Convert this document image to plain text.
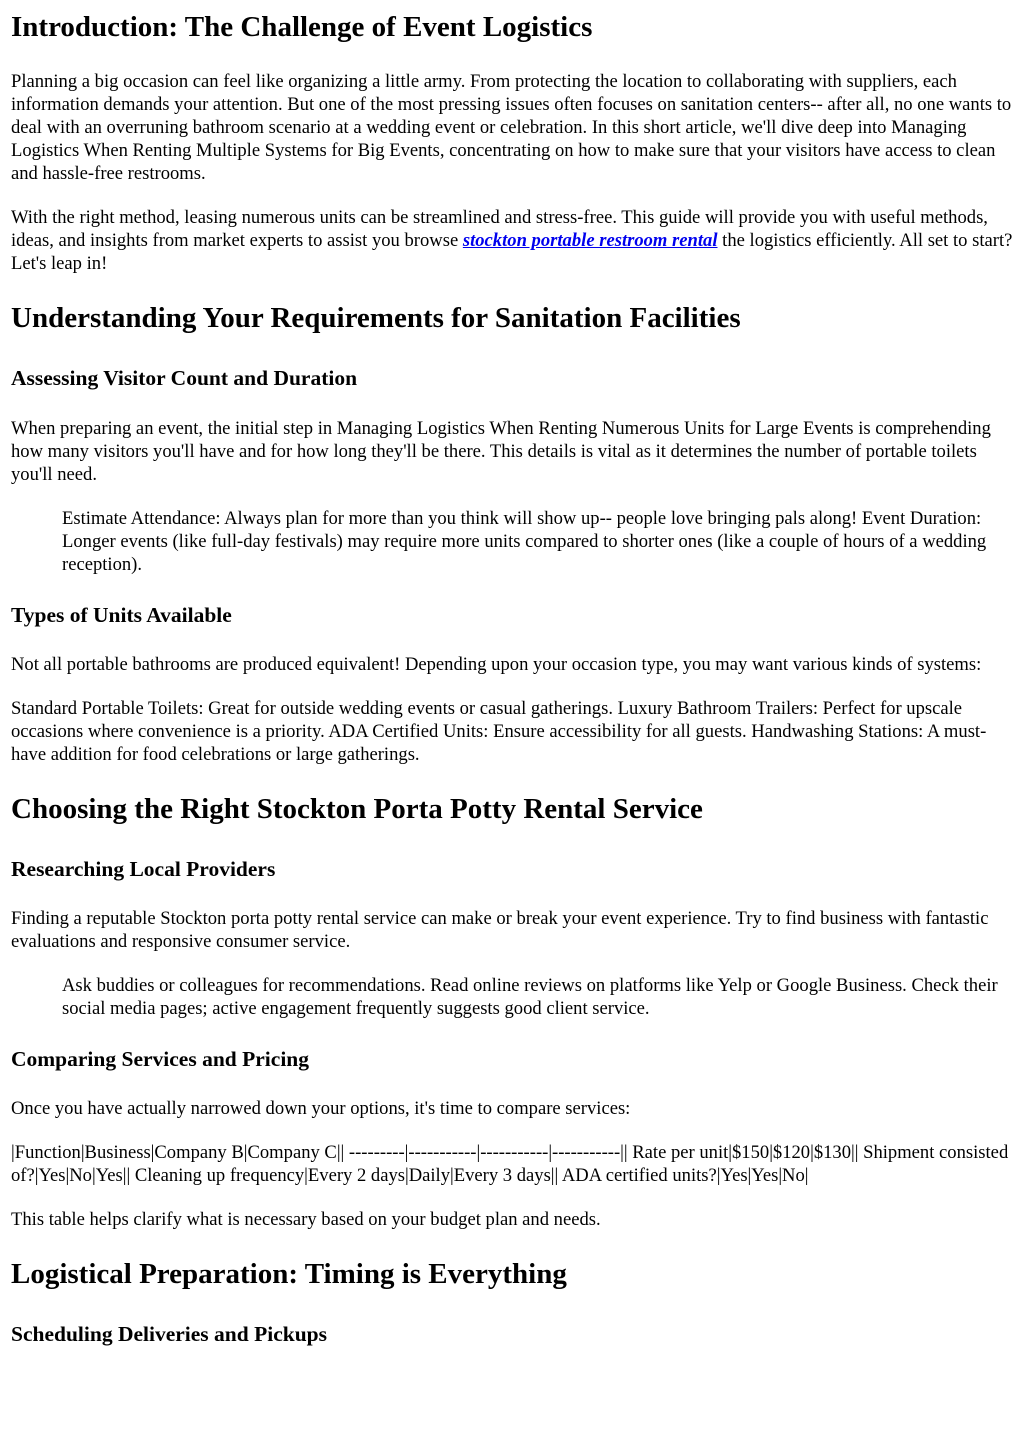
Introduction: The Challenge of Event Logistics

Planning a big occasion can feel like organizing a little army. From protecting the location to collaborating with suppliers, each information demands your attention. But one of the most pressing issues often focuses on sanitation centers-- after all, no one wants to deal with an overruning bathroom scenario at a wedding event or celebration. In this short article, we'll dive deep into Managing Logistics When Renting Multiple Systems for Big Events, concentrating on how to make sure that your visitors have access to clean and hassle-free restrooms.

With the right method, leasing numerous units can be streamlined and stress-free. This guide will provide you with useful methods, ideas, and insights from market experts to assist you browse stockton portable restroom rental the logistics efficiently. All set to start? Let's leap in!

Understanding Your Requirements for Sanitation Facilities
Assessing Visitor Count and Duration

When preparing an event, the initial step in Managing Logistics When Renting Numerous Units for Large Events is comprehending how many visitors you'll have and for how long they'll be there. This details is vital as it determines the number of portable toilets you'll need.

Estimate Attendance: Always plan for more than you think will show up-- people love bringing pals along! Event Duration: Longer events (like full-day festivals) may require more units compared to shorter ones (like a couple of hours of a wedding reception).

Types of Units Available

Not all portable bathrooms are produced equivalent! Depending upon your occasion type, you may want various kinds of systems:

Standard Portable Toilets: Great for outside wedding events or casual gatherings. Luxury Bathroom Trailers: Perfect for upscale occasions where convenience is a priority. ADA Certified Units: Ensure accessibility for all guests. Handwashing Stations: A must-have addition for food celebrations or large gatherings.

Choosing the Right Stockton Porta Potty Rental Service
Researching Local Providers

Finding a reputable Stockton porta potty rental service can make or break your event experience. Try to find business with fantastic evaluations and responsive consumer service.

Ask buddies or colleagues for recommendations. Read online reviews on platforms like Yelp or Google Business. Check their social media pages; active engagement frequently suggests good client service.

Comparing Services and Pricing

Once you have actually narrowed down your options, it's time to compare services:

|Function|Business|Company B|Company C|| ---------|-----------|-----------|-----------|| Rate per unit|$150|$120|$130|| Shipment consisted of?|Yes|No|Yes|| Cleaning up frequency|Every 2 days|Daily|Every 3 days|| ADA certified units?|Yes|Yes|No|

This table helps clarify what is necessary based on your budget plan and needs.

Logistical Preparation: Timing is Everything
Scheduling Deliveries and Pickups
